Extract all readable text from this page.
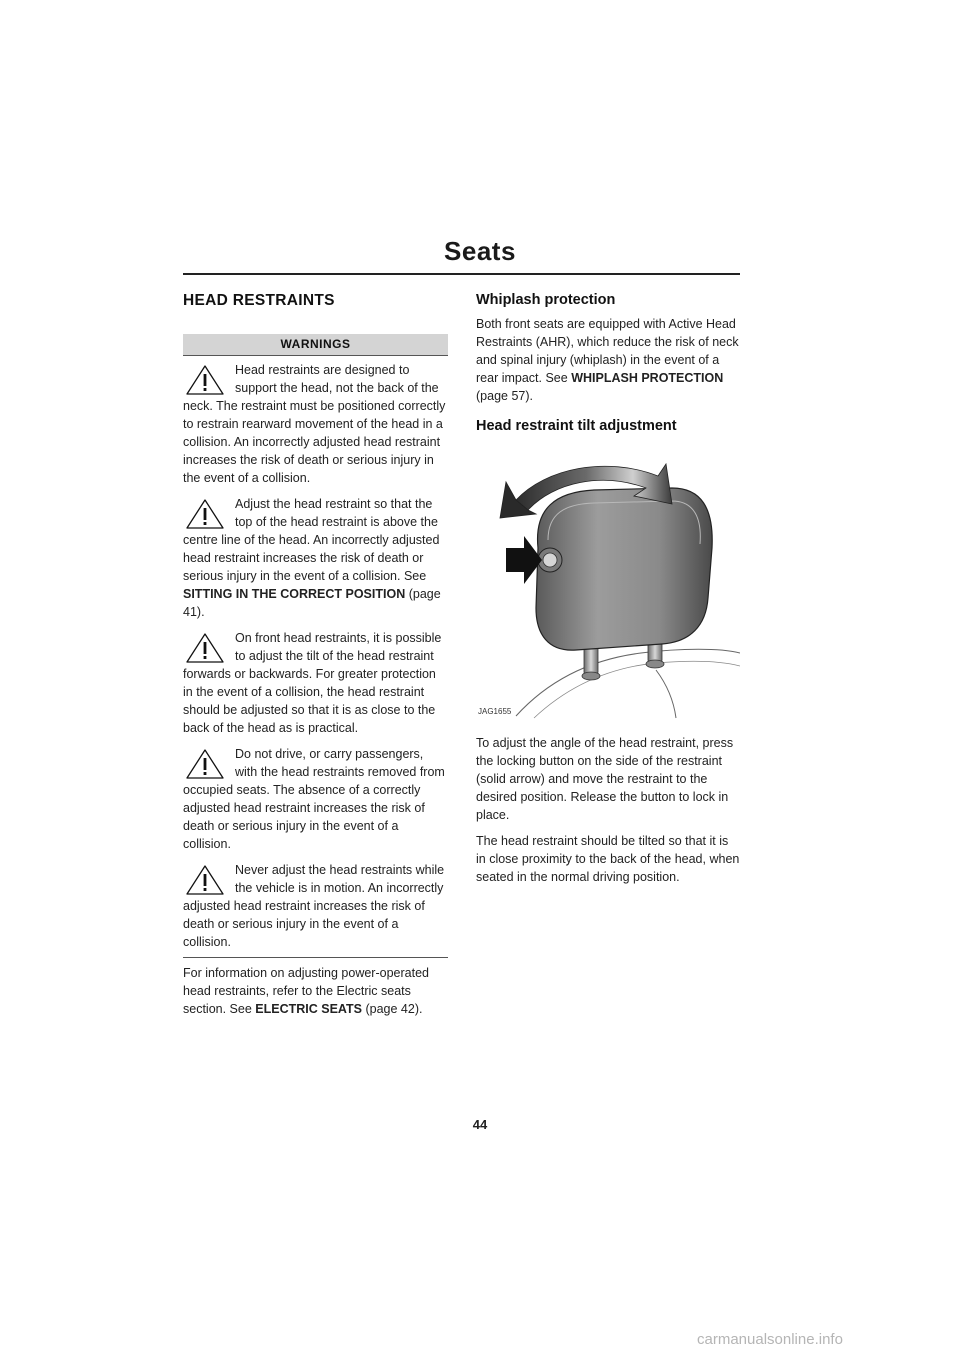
Seats
HEAD RESTRAINTS
WARNINGS
Head restraints are designed to support the head, not the back of the neck. The restraint must be positioned correctly to restrain rearward movement of the head in a collision. An incorrectly adjusted head restraint increases the risk of death or serious injury in the event of a collision.
Adjust the head restraint so that the top of the head restraint is above the centre line of the head. An incorrectly adjusted head restraint increases the risk of death or serious injury in the event of a collision. See SITTING IN THE CORRECT POSITION (page 41).
On front head restraints, it is possible to adjust the tilt of the head restraint forwards or backwards. For greater protection in the event of a collision, the head restraint should be adjusted so that it is as close to the back of the head as is practical.
Do not drive, or carry passengers, with the head restraints removed from occupied seats. The absence of a correctly adjusted head restraint increases the risk of death or serious injury in the event of a collision.
Never adjust the head restraints while the vehicle is in motion. An incorrectly adjusted head restraint increases the risk of death or serious injury in the event of a collision.

For information on adjusting power-operated head restraints, refer to the Electric seats section. See ELECTRIC SEATS (page 42).

Whiplash protection

Both front seats are equipped with Active Head Restraints (AHR), which reduce the risk of neck and spinal injury (whiplash) in the event of a rear impact. See WHIPLASH PROTECTION (page 57).

Head restraint tilt adjustment
JAG1655

To adjust the angle of the head restraint, press the locking button on the side of the restraint (solid arrow) and move the restraint to the desired position. Release the button to lock in place.

The head restraint should be tilted so that it is in close proximity to the back of the head, when seated in the normal driving position.

44
carmanualsonline.info
